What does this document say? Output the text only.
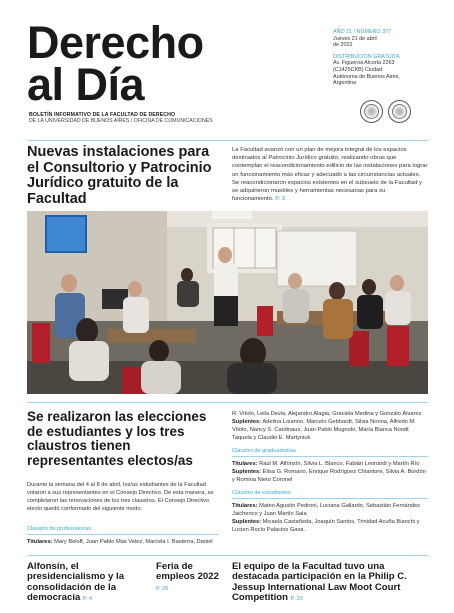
Derecho
al Día
BOLETÍN INFORMATIVO DE LA FACULTAD DE DERECHO
DE LA UNIVERSIDAD DE BUENOS AIRES / OFICINA DE COMUNICACIONES
AÑO 21 / NÚMERO 377
Jueves 21 de abril
de 2022
DISTRIBUCIÓN GRATUITA
Av. Figueroa Alcorta 2263
(C1425CKB) Ciudad
Autónoma de Buenos Aires,
Argentina
Nuevas instalaciones para el Consultorio y Patrocinio Jurídico gratuito de la Facultad

La Facultad avanzó con un plan de mejora integral de los espacios destinados al Patrocinio Jurídico gratuito, realizando obras que contemplan el reacondicionamiento edilicio de las instalaciones para lograr un funcionamiento más eficaz y adecuado a las circunstancias actuales. Se reacondicionaron espacios existentes en el subsuelo de la Facultad y se adquirieron muebles y herramientas necesarias para su funcionamiento. P. 3

Se realizaron las elecciones de estudiantes y los tres claustros tienen representantes electos/as

Durante la semana del 4 al 8 de abril, los/as estudiantes de la Facultad votaron a sus representantes en el Consejo Directivo. De esta manera, se completaron las renovaciones de los tres claustros. El Consejo Directivo electo quedó conformado del siguiente modo:

Claustro de profesores/as
Titulares: Mary Beloff, Juan Pablo Mas Velez, Marcela I. Basterra, Daniel
R. Vítolo, Leila Devia, Alejandro Alagia, Graciela Medina y Gonzalo Álvarez
Suplentes: Adelina Loianno, Marcelo Gebhardt, Silvia Nonna, Alfredo M. Vítolo, Nancy S. Cardinaux, Juan Pablo Mugnolo, María Blanca Noodt Taquela y Claudio E. Martyniuk
Claustro de graduados/as
Titulares: Raúl M. Alfonsín, Silvia L. Blanco, Fabián Leonardi y Martín Río
Suplentes: Elisa G. Romano, Enrique Rodríguez Chiantore, Silvia A. Bordón y Romina Nieto Coronel
Claustro de estudiantes
Titulares: Mateo Agustín Pedroni, Luciana Gallardo, Sebastián Fernández Jaichenco y Juan Martín Sala
Suplentes: Micaela Castañeda, Joaquín Santos, Trinidad Acuña Bianchi y Lucien Rocío Palacios Gava.
Alfonsín, el presidencialismo y la consolidación de la democracia P. 4
Feria de empleos 2022 P. 20
El equipo de la Facultad tuvo una destacada participación en la Philip C. Jessup International Law Moot Court Competition P. 20
